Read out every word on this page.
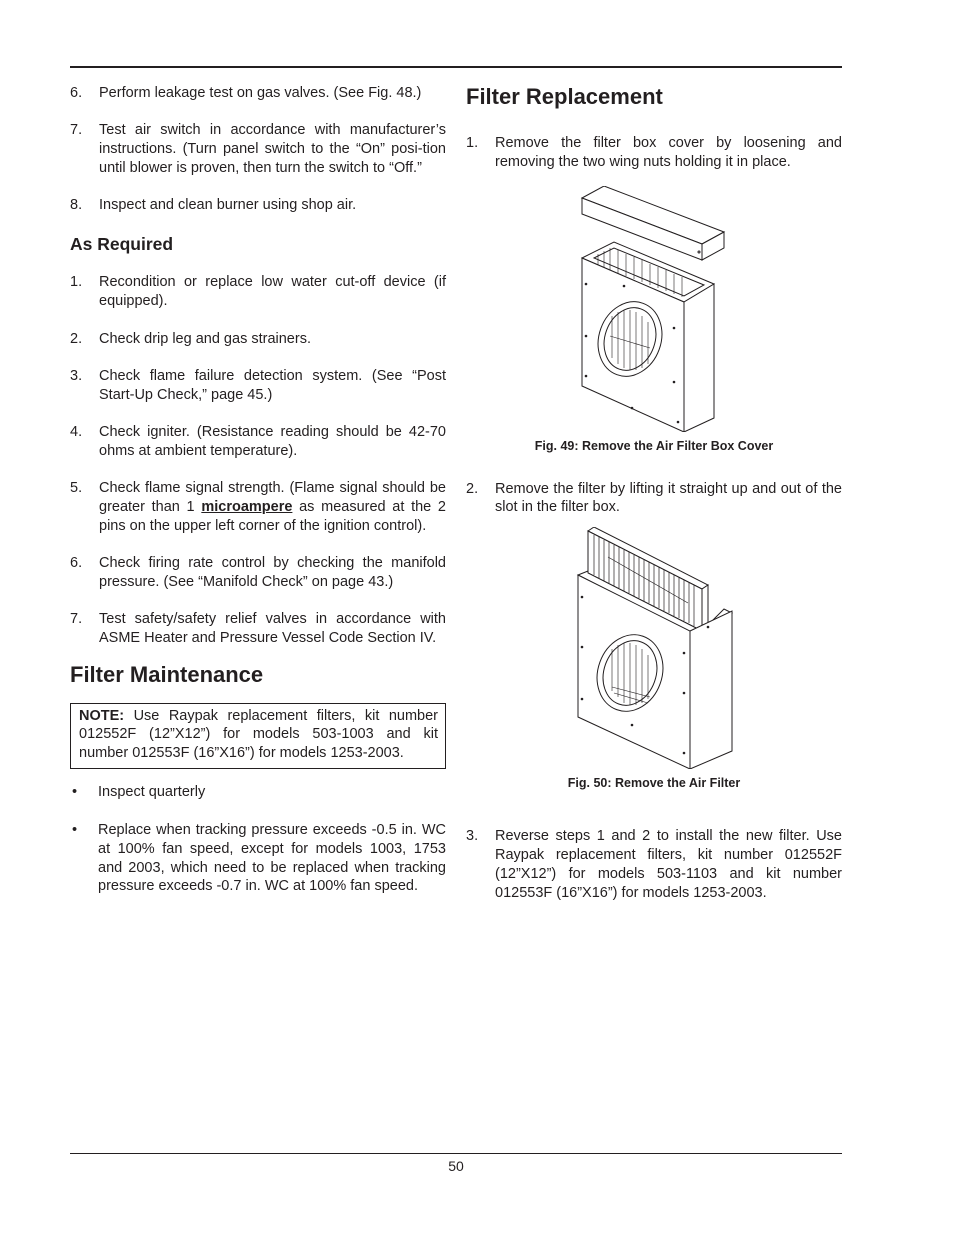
6.	Perform leakage test on gas valves. (See Fig. 48.)
7.	Test air switch in accordance with manufacturer’s instructions. (Turn panel switch to the “On” posi-tion until blower is proven, then turn the switch to “Off.”
8.	Inspect and clean burner using shop air.
As Required
1.	Recondition or replace low water cut-off device (if equipped).
2.	Check drip leg and gas strainers.
3.	Check flame failure detection system. (See “Post Start-Up Check,” page 45.)
4.	Check igniter. (Resistance reading should be 42-70 ohms at ambient temperature).
5.	Check flame signal strength. (Flame signal should be greater than 1 microampere as measured at the 2 pins on the upper left corner of the ignition control).
6.	Check firing rate control by checking the manifold pressure. (See “Manifold Check” on page 43.)
7.	Test safety/safety relief valves in accordance with ASME Heater and Pressure Vessel Code Section IV.
Filter Maintenance
NOTE: Use Raypak replacement filters, kit number 012552F (12”X12”) for models 503-1003 and kit number 012553F (16”X16”) for models 1253-2003.
•	Inspect quarterly
•	Replace when tracking pressure exceeds -0.5 in. WC at 100% fan speed, except for models 1003, 1753 and 2003, which need to be replaced when tracking pressure exceeds -0.7 in. WC at 100% fan speed.
Filter Replacement
1.	Remove the filter box cover by loosening and removing the two wing nuts holding it in place.
Fig. 49: Remove the Air Filter Box Cover
2.	Remove the filter by lifting it straight up and out of the slot in the filter box.
Fig. 50: Remove the Air Filter
3.	Reverse steps 1 and 2 to install the new filter. Use Raypak replacement filters, kit number 012552F (12”X12”) for models 503-1103 and kit number 012553F (16”X16”) for models 1253-2003.
50
